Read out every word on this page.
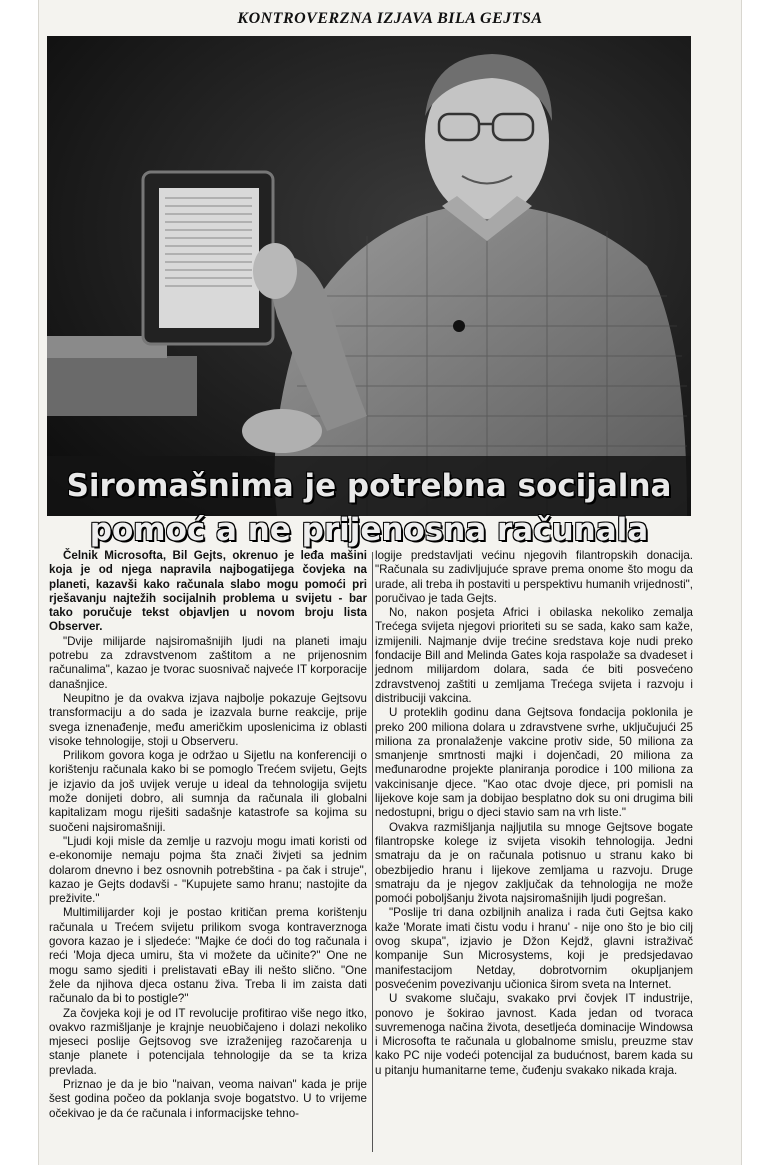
KONTROVERZNA IZJAVA BILA GEJTSA
Siromašnima je potrebna socijalna
pomoć a ne prijenosna računala

Čelnik Microsofta, Bil Gejts, okrenuo je leđa mašini koja je od njega napravila najbogatijega čovjeka na planeti, kazavši kako računala slabo mogu pomoći pri rješavanju najtežih socijalnih problema u svijetu - bar tako poručuje tekst objavljen u novom broju lista Observer.

"Dvije milijarde najsiromašnijih ljudi na planeti imaju potrebu za zdravstvenom zaštitom a ne prijenosnim računalima", kazao je tvorac suosnivač najveće IT korporacije današnjice.

Neupitno je da ovakva izjava najbolje pokazuje Gejtsovu transformaciju a do sada je izazvala burne reakcije, prije svega iznenađenje, među američkim uposlenicima iz oblasti visoke tehnologije, stoji u Observeru.

Prilikom govora koga je održao u Sijetlu na konferenciji o korištenju računala kako bi se pomoglo Trećem svijetu, Gejts je izjavio da još uvijek veruje u ideal da tehnologija svijetu može donijeti dobro, ali sumnja da računala ili globalni kapitalizam mogu riješiti sadašnje katastrofe sa kojima su suočeni najsiromašniji.

"Ljudi koji misle da zemlje u razvoju mogu imati koristi od e-ekonomije nemaju pojma šta znači živjeti sa jednim dolarom dnevno i bez osnovnih potrebština - pa čak i struje", kazao je Gejts dodavši - "Kupujete samo hranu; nastojite da preživite."

Multimilijarder koji je postao kritičan prema korištenju računala u Trećem svijetu prilikom svoga kontraverznoga govora kazao je i sljedeće: "Majke će doći do tog računala i reći 'Moja djeca umiru, šta vi možete da učinite?" One ne mogu samo sjediti i prelistavati eBay ili nešto slično. "One žele da njihova djeca ostanu živa. Treba li im zaista dati računalo da bi to postigle?"

Za čovjeka koji je od IT revolucije profitirao više nego itko, ovakvo razmišljanje je krajnje neuobičajeno i dolazi nekoliko mjeseci poslije Gejtsovog sve izraženijeg razočarenja u stanje planete i potencijala tehnologije da se ta kriza prevlada.

Priznao je da je bio "naivan, veoma naivan" kada je prije šest godina počeo da poklanja svoje bogatstvo. U to vrijeme očekivao je da će računala i informacijske tehno-

logije predstavljati većinu njegovih filantropskih donacija. "Računala su zadivljujuće sprave prema onome što mogu da urade, ali treba ih postaviti u perspektivu humanih vrijednosti", poručivao je tada Gejts.

No, nakon posjeta Africi i obilaska nekoliko zemalja Trećega svijeta njegovi prioriteti su se sada, kako sam kaže, izmijenili. Najmanje dvije trećine sredstava koje nudi preko fondacije Bill and Melinda Gates koja raspolaže sa dvadeset i jednom milijardom dolara, sada će biti posvećeno zdravstvenoj zaštiti u zemljama Trećega svijeta i razvoju i distribuciji vakcina.

U proteklih godinu dana Gejtsova fondacija poklonila je preko 200 miliona dolara u zdravstvene svrhe, uključujući 25 miliona za pronalaženje vakcine protiv side, 50 miliona za smanjenje smrtnosti majki i dojenčadi, 20 miliona za međunarodne projekte planiranja porodice i 100 miliona za vakcinisanje djece. "Kao otac dvoje djece, pri pomisli na lijekove koje sam ja dobijao besplatno dok su oni drugima bili nedostupni, brigu o djeci stavio sam na vrh liste."

Ovakva razmišljanja najljutila su mnoge Gejtsove bogate filantropske kolege iz svijeta visokih tehnologija. Jedni smatraju da je on računala potisnuo u stranu kako bi obezbijedio hranu i lijekove zemljama u razvoju. Druge smatraju da je njegov zaključak da tehnologija ne može pomoći poboljšanju života najsiromašnijih ljudi pogrešan.

"Poslije tri dana ozbiljnih analiza i rada čuti Gejtsa kako kaže 'Morate imati čistu vodu i hranu' - nije ono što je bio cilj ovog skupa", izjavio je Džon Kejdž, glavni istraživač kompanije Sun Microsystems, koji je predsjedavao manifestacijom Netday, dobrotvornim okupljanjem posvećenim povezivanju učionica širom sveta na Internet.

U svakome slučaju, svakako prvi čovjek IT industrije, ponovo je šokirao javnost. Kada jedan od tvoraca suvremenoga načina života, desetljeća dominacije Windowsa i Microsofta te računala u globalnome smislu, preuzme stav kako PC nije vodeći potencijal za budućnost, barem kada su u pitanju humanitarne teme, čuđenju svakako nikada kraja.
